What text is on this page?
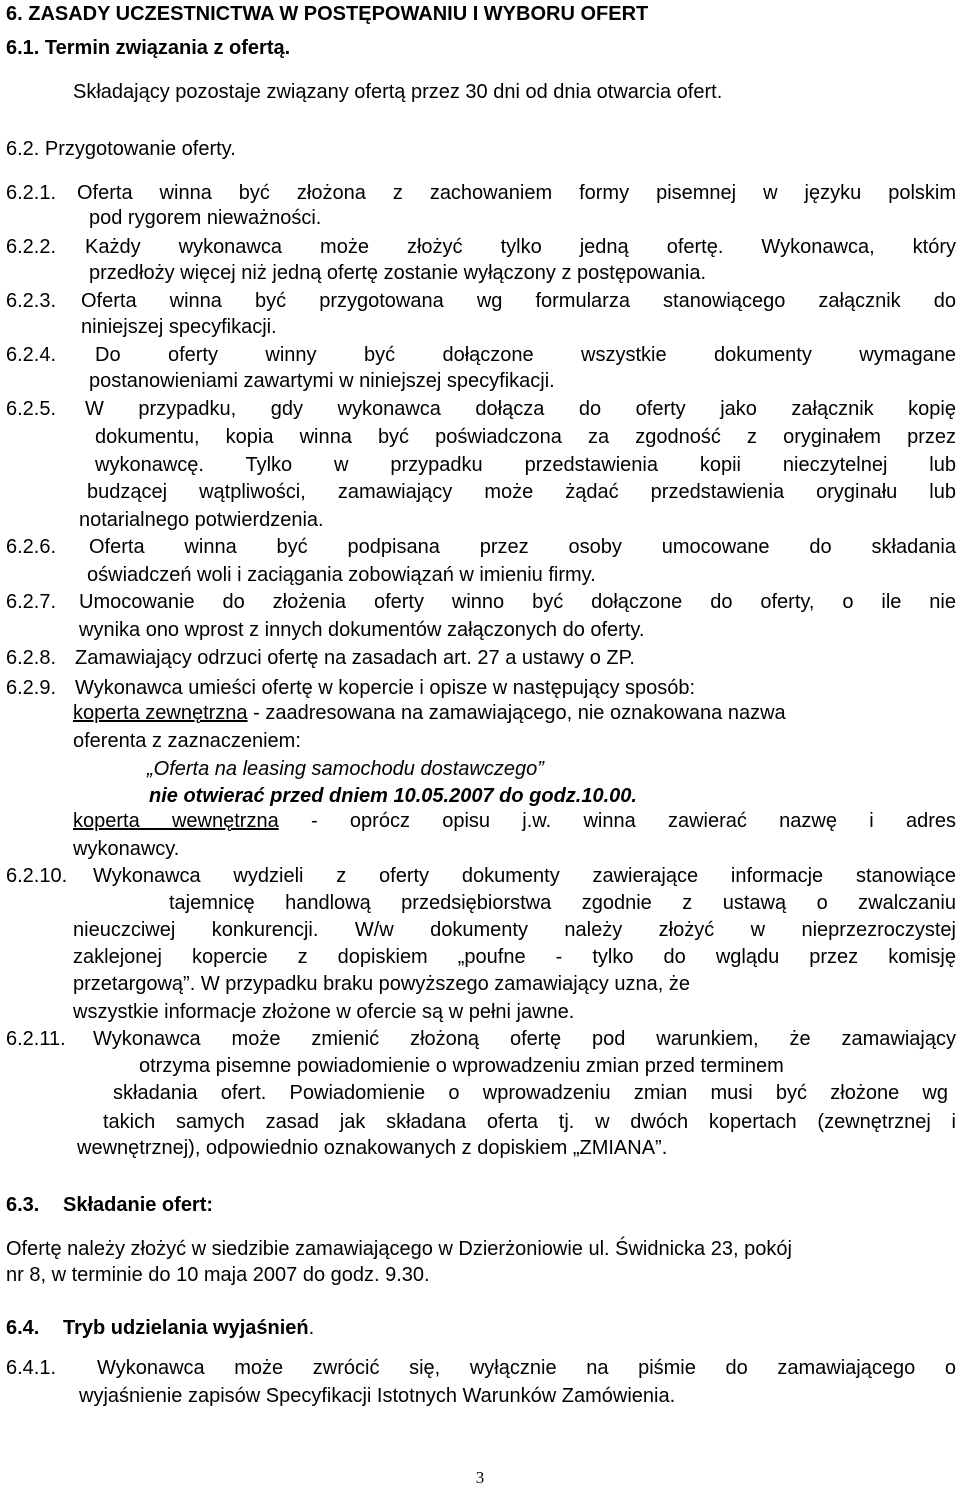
6. ZASADY UCZESTNICTWA W POSTĘPOWANIU I WYBORU OFERT
6.1. Termin związania z ofertą.
Składający pozostaje związany ofertą przez 30 dni od dnia otwarcia ofert.
6.2. Przygotowanie oferty.
6.2.1. Oferta winna być złożona z zachowaniem formy pisemnej w języku polskim
pod rygorem nieważności.
6.2.2. Każdy wykonawca może złożyć tylko jedną ofertę. Wykonawca, który
przedłoży więcej niż jedną ofertę zostanie wyłączony z postępowania.
6.2.3. Oferta winna być przygotowana wg formularza stanowiącego załącznik do
niniejszej specyfikacji.
6.2.4. Do oferty winny być dołączone wszystkie dokumenty wymagane
postanowieniami zawartymi w niniejszej specyfikacji.
6.2.5. W przypadku, gdy wykonawca dołącza do oferty jako załącznik kopię
dokumentu, kopia winna być poświadczona za zgodność z oryginałem przez
wykonawcę. Tylko w przypadku przedstawienia kopii nieczytelnej lub
budzącej wątpliwości, zamawiający może żądać przedstawienia oryginału lub
notarialnego potwierdzenia.
6.2.6. Oferta winna być podpisana przez osoby umocowane do składania
oświadczeń woli i zaciągania zobowiązań w imieniu firmy.
6.2.7. Umocowanie do złożenia oferty winno być dołączone do oferty, o ile nie
wynika ono wprost z innych dokumentów załączonych do oferty.
6.2.8. Zamawiający odrzuci ofertę na zasadach art. 27 a ustawy o ZP.
6.2.9. Wykonawca umieści ofertę w kopercie i opisze w następujący sposób:
koperta zewnętrzna - zaadresowana na zamawiającego, nie oznakowana nazwa
oferenta z zaznaczeniem:
„Oferta na leasing samochodu dostawczego”
nie otwierać przed dniem 10.05.2007 do godz.10.00.
koperta wewnętrzna - oprócz opisu j.w. winna zawierać nazwę i adres
wykonawcy.
6.2.10. Wykonawca wydzieli z oferty dokumenty zawierające informacje stanowiące
tajemnicę handlową przedsiębiorstwa zgodnie z ustawą o zwalczaniu
nieuczciwej konkurencji. W/w dokumenty należy złożyć w nieprzezroczystej
zaklejonej kopercie z dopiskiem „poufne - tylko do wglądu przez komisję
przetargową”. W przypadku braku powyższego zamawiający uzna, że
wszystkie informacje złożone w ofercie są w pełni jawne.
6.2.11. Wykonawca może zmienić złożoną ofertę pod warunkiem, że zamawiający
otrzyma pisemne powiadomienie o wprowadzeniu zmian przed terminem
składania ofert. Powiadomienie o wprowadzeniu zmian musi być złożone wg
takich samych zasad jak składana oferta tj. w dwóch kopertach (zewnętrznej i
wewnętrznej), odpowiednio oznakowanych z dopiskiem „ZMIANA”.
6.3. Składanie ofert:
Ofertę należy złożyć w siedzibie zamawiającego w Dzierżoniowie ul. Świdnicka 23, pokój
nr 8, w terminie do 10 maja 2007 do godz. 9.30.
6.4. Tryb udzielania wyjaśnień.
6.4.1. Wykonawca może zwrócić się, wyłącznie na piśmie do zamawiającego o
wyjaśnienie zapisów Specyfikacji Istotnych Warunków Zamówienia.
3
